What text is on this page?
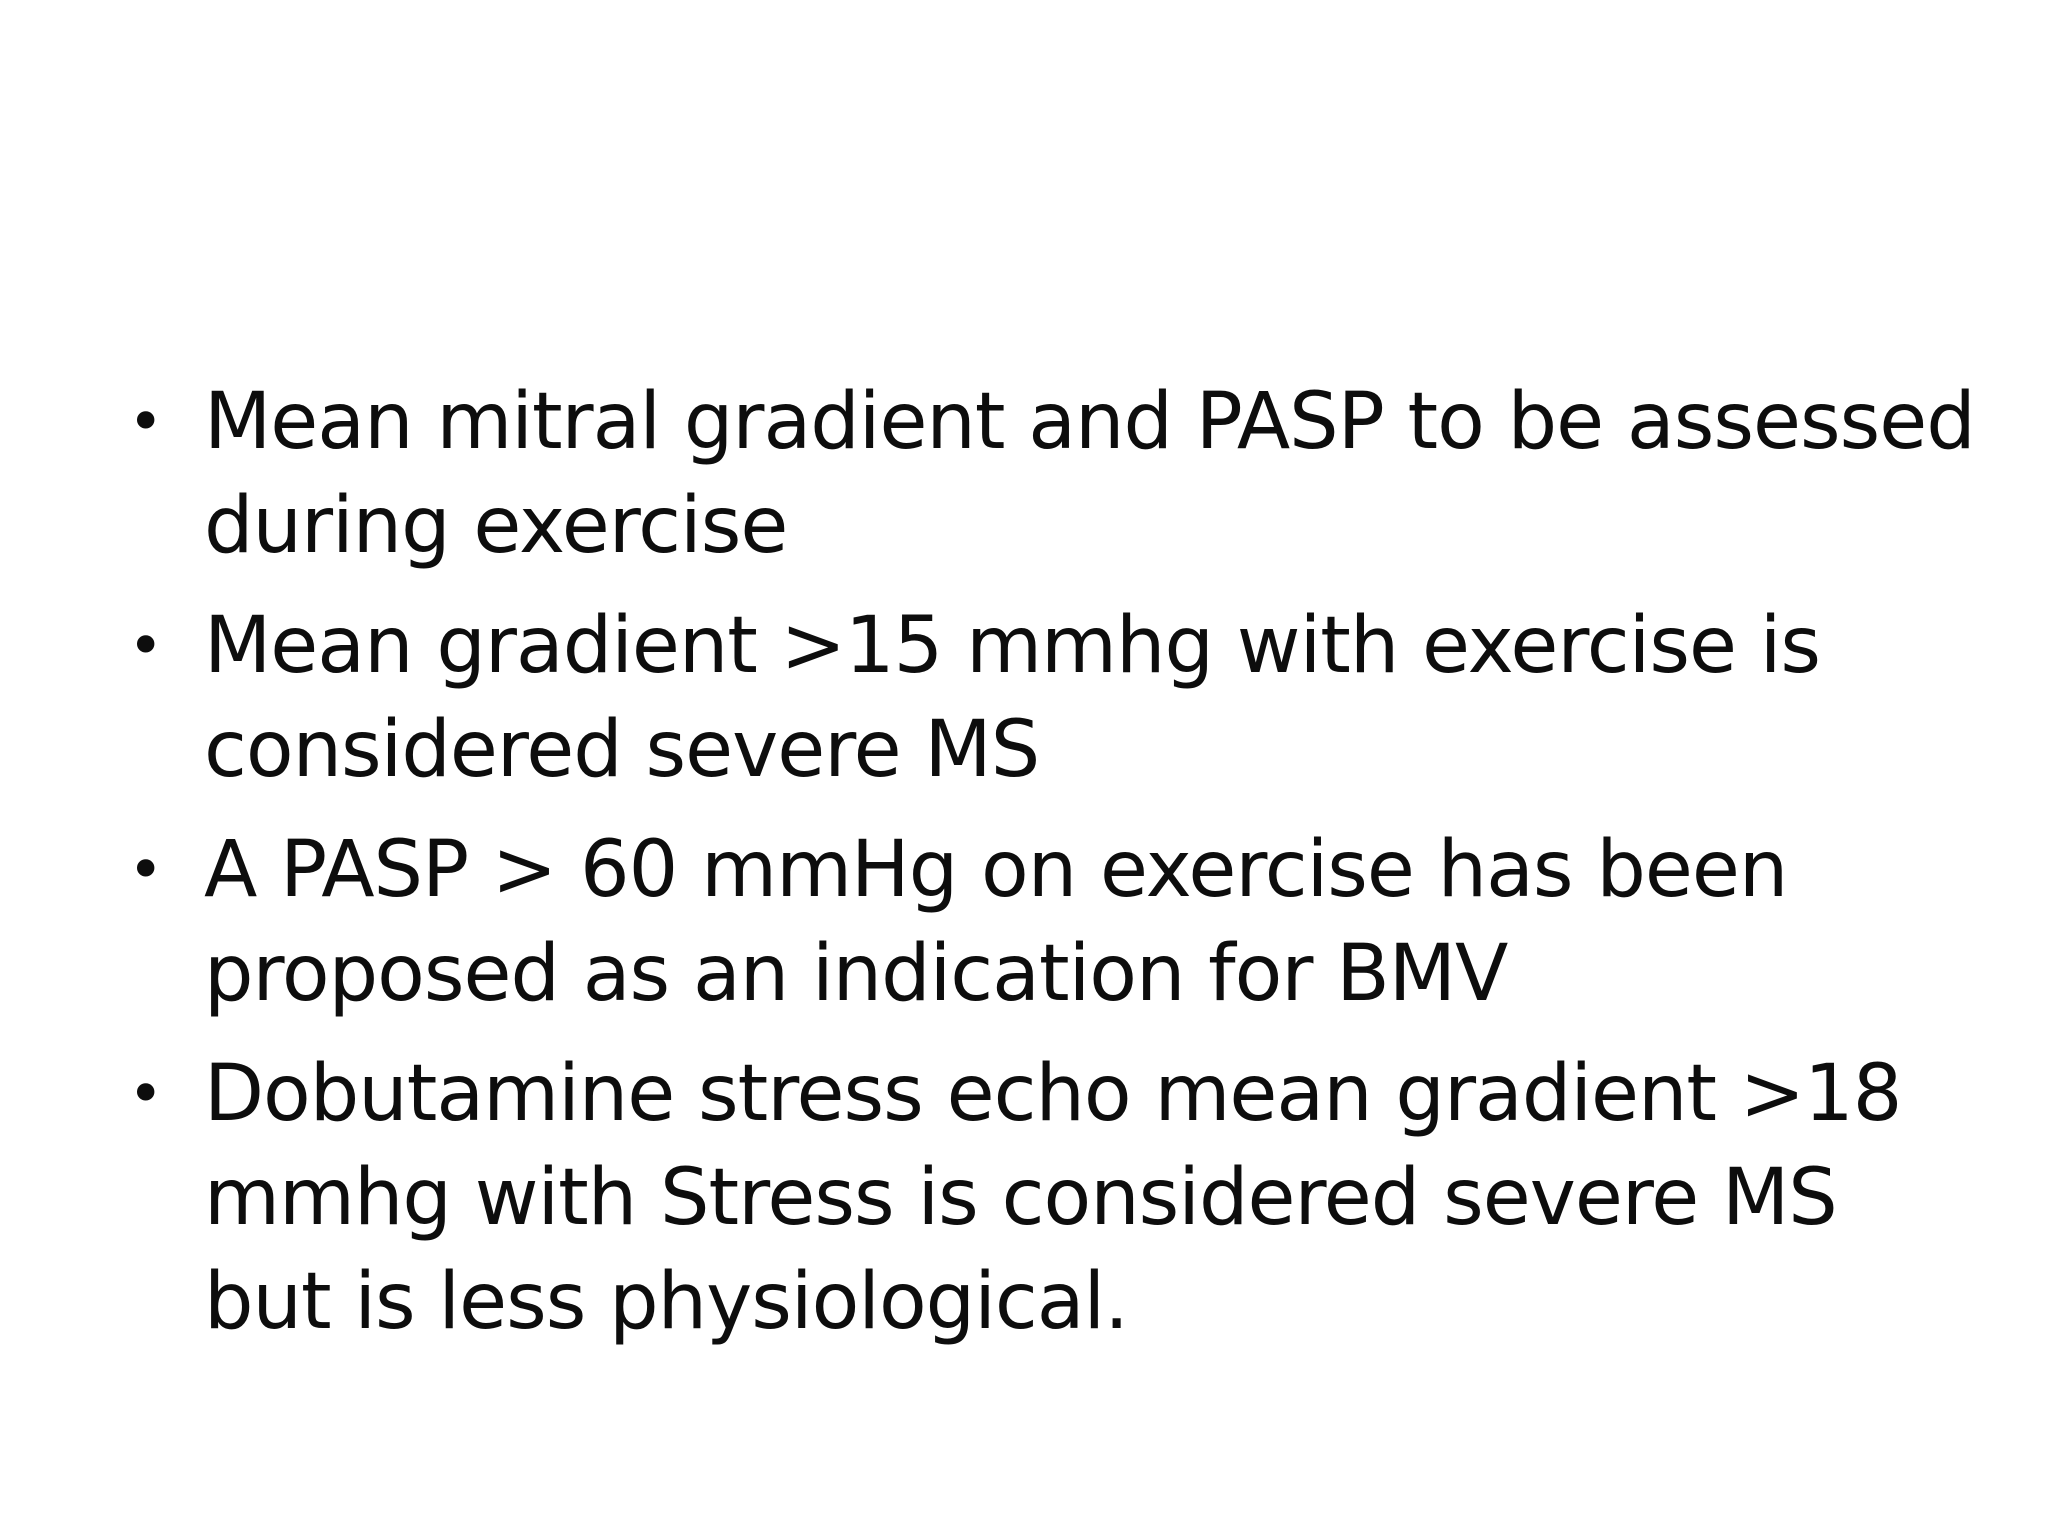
• Mean mitral gradient and PASP to be assessed during exercise
• Mean gradient >15 mmhg with exercise is considered severe MS
• A PASP > 60 mmHg on exercise has been proposed as an indication for BMV
• Dobutamine stress echo mean gradient >18 mmhg with Stress is considered severe MS but is less physiological.
